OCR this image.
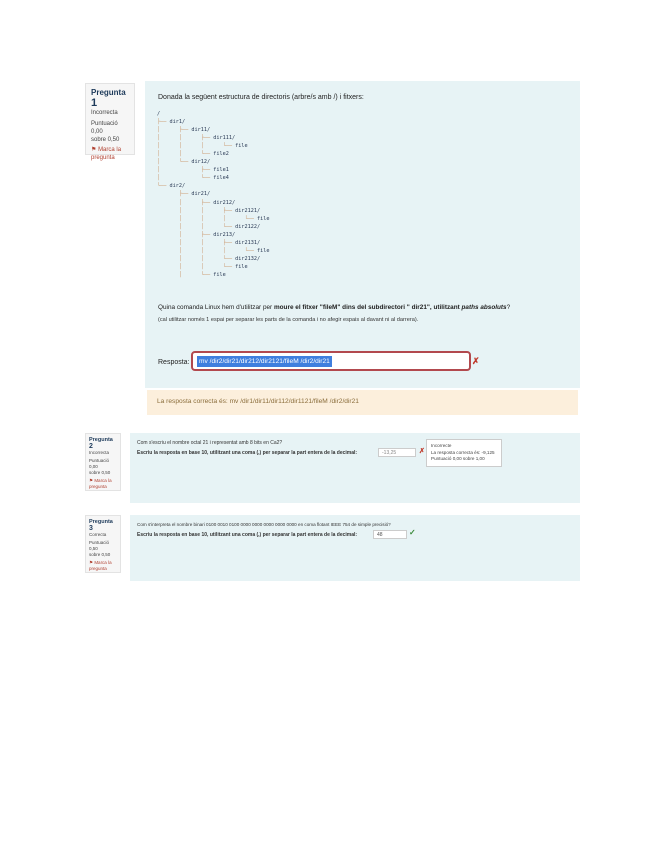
Pregunta 1
Incorrecta
Puntuació 0,00
sobre 0,50
⚑ Marca la
pregunta
Donada la següent estructura de directoris (arbre/s amb /) i fitxers:
/
├── dir1/
│	├── dir11/
│	│	├── dir111/
│	│	│	└── file
│	│	└── file2
│	└── dir12/
│	├── file1
│	└── file4
└── dir2/
├── dir21/
│	├── dir212/
│	│	├── dir2121/
│	│	│	└── file
│	│	└── dir2122/
│	├── dir213/
│	│	├── dir2131/
│	│	│	└── file
│	│	└── dir2132/
│	│	└── file
│	└── file
Quina comanda Linux hem d'utilitzar per moure el fitxer "fileM" dins del subdirectori " dir21", utilitzant paths absoluts?
(cal utilitzar només 1 espai per separar les parts de la comanda i no afegir espais al davant ni al darrera).
Resposta:	mv /dir2/dir21/dir212/dir2121/fileM /dir2/dir21	✗
La resposta correcta és: mv /dir1/dir11/dir112/dir1121/fileM /dir2/dir21
Pregunta 2
Incorrecta
Puntuació 0,00
sobre 0,50
⚑ Marca la
pregunta
Com s'escriu el nombre octal 21 i representat amb 8 bits en Ca2?
Escriu la resposta en base 10, utilitzant una coma (,) per separar la part entera de la decimal:	-13,25	✗
Incorrecte
La resposta correcta és: -9,125
Puntuació 0,00 sobre 1,00
Pregunta 3
Correcta
Puntuació 0,50
sobre 0,50
⚑ Marca la
pregunta
Com s'interpreta el nombre binari 0100 0010 0100 0000 0000 0000 0000 0000 en coma flotant IEEE 754 de simple precisió?
Escriu la resposta en base 10, utilitzant una coma (,) per separar la part entera de la decimal:	48	✓
